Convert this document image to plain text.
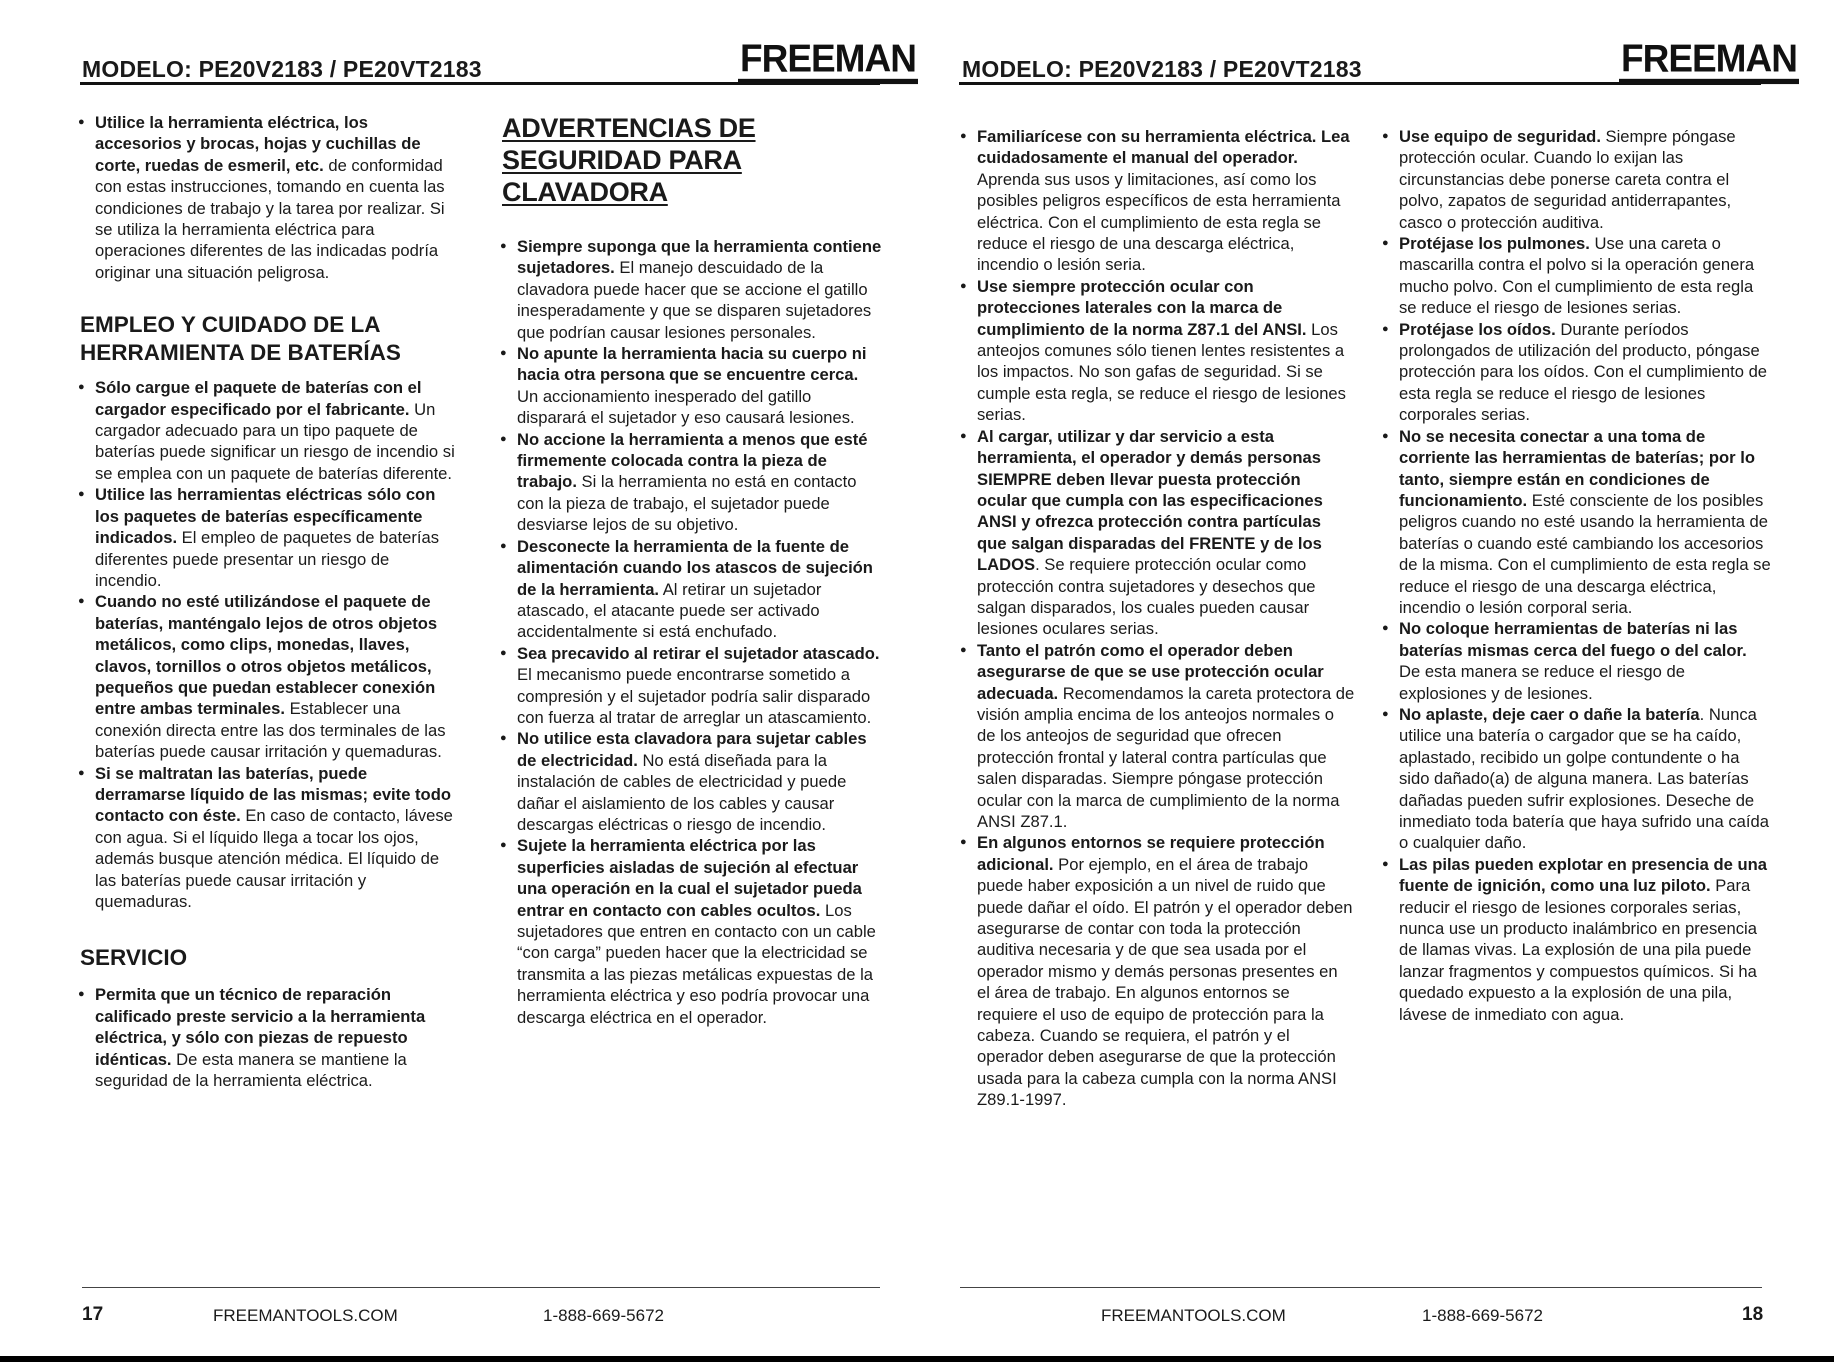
MODELO: PE20V2183 / PE20VT2183	FREEMAN

● Utilice la herramienta eléctrica, los accesorios y brocas, hojas y cuchillas de corte, ruedas de esmeril, etc. de conformidad con estas instrucciones, tomando en cuenta las condiciones de trabajo y la tarea por realizar. Si se utiliza la herramienta eléctrica para operaciones diferentes de las indicadas podría originar una situación peligrosa.

EMPLEO Y CUIDADO DE LA HERRAMIENTA DE BATERÍAS

● Sólo cargue el paquete de baterías con el cargador especificado por el fabricante. Un cargador adecuado para un tipo paquete de baterías puede significar un riesgo de incendio si se emplea con un paquete de baterías diferente.

● Utilice las herramientas eléctricas sólo con los paquetes de baterías específicamente indicados. El empleo de paquetes de baterías diferentes puede presentar un riesgo de incendio.

● Cuando no esté utilizándose el paquete de baterías, manténgalo lejos de otros objetos metálicos, como clips, monedas, llaves, clavos, tornillos o otros objetos metálicos, pequeños que puedan establecer conexión entre ambas terminales. Establecer una conexión directa entre las dos terminales de las baterías puede causar irritación y quemaduras.

● Si se maltratan las baterías, puede derramarse líquido de las mismas; evite todo contacto con éste. En caso de contacto, lávese con agua. Si el líquido llega a tocar los ojos, además busque atención médica. El líquido de las baterías puede causar irritación y quemaduras.

SERVICIO

● Permita que un técnico de reparación calificado preste servicio a la herramienta eléctrica, y sólo con piezas de repuesto idénticas. De esta manera se mantiene la seguridad de la herramienta eléctrica.

ADVERTENCIAS DE SEGURIDAD PARA CLAVADORA

● Siempre suponga que la herramienta contiene sujetadores. El manejo descuidado de la clavadora puede hacer que se accione el gatillo inesperadamente y que se disparen sujetadores que podrían causar lesiones personales.

● No apunte la herramienta hacia su cuerpo ni hacia otra persona que se encuentre cerca. Un accionamiento inesperado del gatillo disparará el sujetador y eso causará lesiones.

● No accione la herramienta a menos que esté firmemente colocada contra la pieza de trabajo. Si la herramienta no está en contacto con la pieza de trabajo, el sujetador puede desviarse lejos de su objetivo.

● Desconecte la herramienta de la fuente de alimentación cuando los atascos de sujeción de la herramienta. Al retirar un sujetador atascado, el atacante puede ser activado accidentalmente si está enchufado.

● Sea precavido al retirar el sujetador atascado. El mecanismo puede encontrarse sometido a compresión y el sujetador podría salir disparado con fuerza al tratar de arreglar un atascamiento.

● No utilice esta clavadora para sujetar cables de electricidad. No está diseñada para la instalación de cables de electricidad y puede dañar el aislamiento de los cables y causar descargas eléctricas o riesgo de incendio.

● Sujete la herramienta eléctrica por las superficies aisladas de sujeción al efectuar una operación en la cual el sujetador pueda entrar en contacto con cables ocultos. Los sujetadores que entren en contacto con un cable “con carga” pueden hacer que la electricidad se transmita a las piezas metálicas expuestas de la herramienta eléctrica y eso podría provocar una descarga eléctrica en el operador.

17	FREEMANTOOLS.COM	1-888-669-5672
MODELO: PE20V2183 / PE20VT2183	FREEMAN

● Familiarícese con su herramienta eléctrica. Lea cuidadosamente el manual del operador. Aprenda sus usos y limitaciones, así como los posibles peligros específicos de esta herramienta eléctrica. Con el cumplimiento de esta regla se reduce el riesgo de una descarga eléctrica, incendio o lesión seria.

● Use siempre protección ocular con protecciones laterales con la marca de cumplimiento de la norma Z87.1 del ANSI. Los anteojos comunes sólo tienen lentes resistentes a los impactos. No son gafas de seguridad. Si se cumple esta regla, se reduce el riesgo de lesiones serias.

● Al cargar, utilizar y dar servicio a esta herramienta, el operador y demás personas SIEMPRE deben llevar puesta protección ocular que cumpla con las especificaciones ANSI y ofrezca protección contra partículas que salgan disparadas del FRENTE y de los LADOS. Se requiere protección ocular como protección contra sujetadores y desechos que salgan disparados, los cuales pueden causar lesiones oculares serias.

● Tanto el patrón como el operador deben asegurarse de que se use protección ocular adecuada. Recomendamos la careta protectora de visión amplia encima de los anteojos normales o de los anteojos de seguridad que ofrecen protección frontal y lateral contra partículas que salen disparadas. Siempre póngase protección ocular con la marca de cumplimiento de la norma ANSI Z87.1.

● En algunos entornos se requiere protección adicional. Por ejemplo, en el área de trabajo puede haber exposición a un nivel de ruido que puede dañar el oído. El patrón y el operador deben asegurarse de contar con toda la protección auditiva necesaria y de que sea usada por el operador mismo y demás personas presentes en el área de trabajo. En algunos entornos se requiere el uso de equipo de protección para la cabeza. Cuando se requiera, el patrón y el operador deben asegurarse de que la protección usada para la cabeza cumpla con la norma ANSI Z89.1-1997.

● Use equipo de seguridad. Siempre póngase protección ocular. Cuando lo exijan las circunstancias debe ponerse careta contra el polvo, zapatos de seguridad antiderrapantes, casco o protección auditiva.

● Protéjase los pulmones. Use una careta o mascarilla contra el polvo si la operación genera mucho polvo. Con el cumplimiento de esta regla se reduce el riesgo de lesiones serias.

● Protéjase los oídos. Durante períodos prolongados de utilización del producto, póngase protección para los oídos. Con el cumplimiento de esta regla se reduce el riesgo de lesiones corporales serias.

● No se necesita conectar a una toma de corriente las herramientas de baterías; por lo tanto, siempre están en condiciones de funcionamiento. Esté consciente de los posibles peligros cuando no esté usando la herramienta de baterías o cuando esté cambiando los accesorios de la misma. Con el cumplimiento de esta regla se reduce el riesgo de una descarga eléctrica, incendio o lesión corporal seria.

● No coloque herramientas de baterías ni las baterías mismas cerca del fuego o del calor. De esta manera se reduce el riesgo de explosiones y de lesiones.

● No aplaste, deje caer o dañe la batería. Nunca utilice una batería o cargador que se ha caído, aplastado, recibido un golpe contundente o ha sido dañado(a) de alguna manera. Las baterías dañadas pueden sufrir explosiones. Deseche de inmediato toda batería que haya sufrido una caída o cualquier daño.

● Las pilas pueden explotar en presencia de una fuente de ignición, como una luz piloto. Para reducir el riesgo de lesiones corporales serias, nunca use un producto inalámbrico en presencia de llamas vivas. La explosión de una pila puede lanzar fragmentos y compuestos químicos. Si ha quedado expuesto a la explosión de una pila, lávese de inmediato con agua.

FREEMANTOOLS.COM	1-888-669-5672	18
